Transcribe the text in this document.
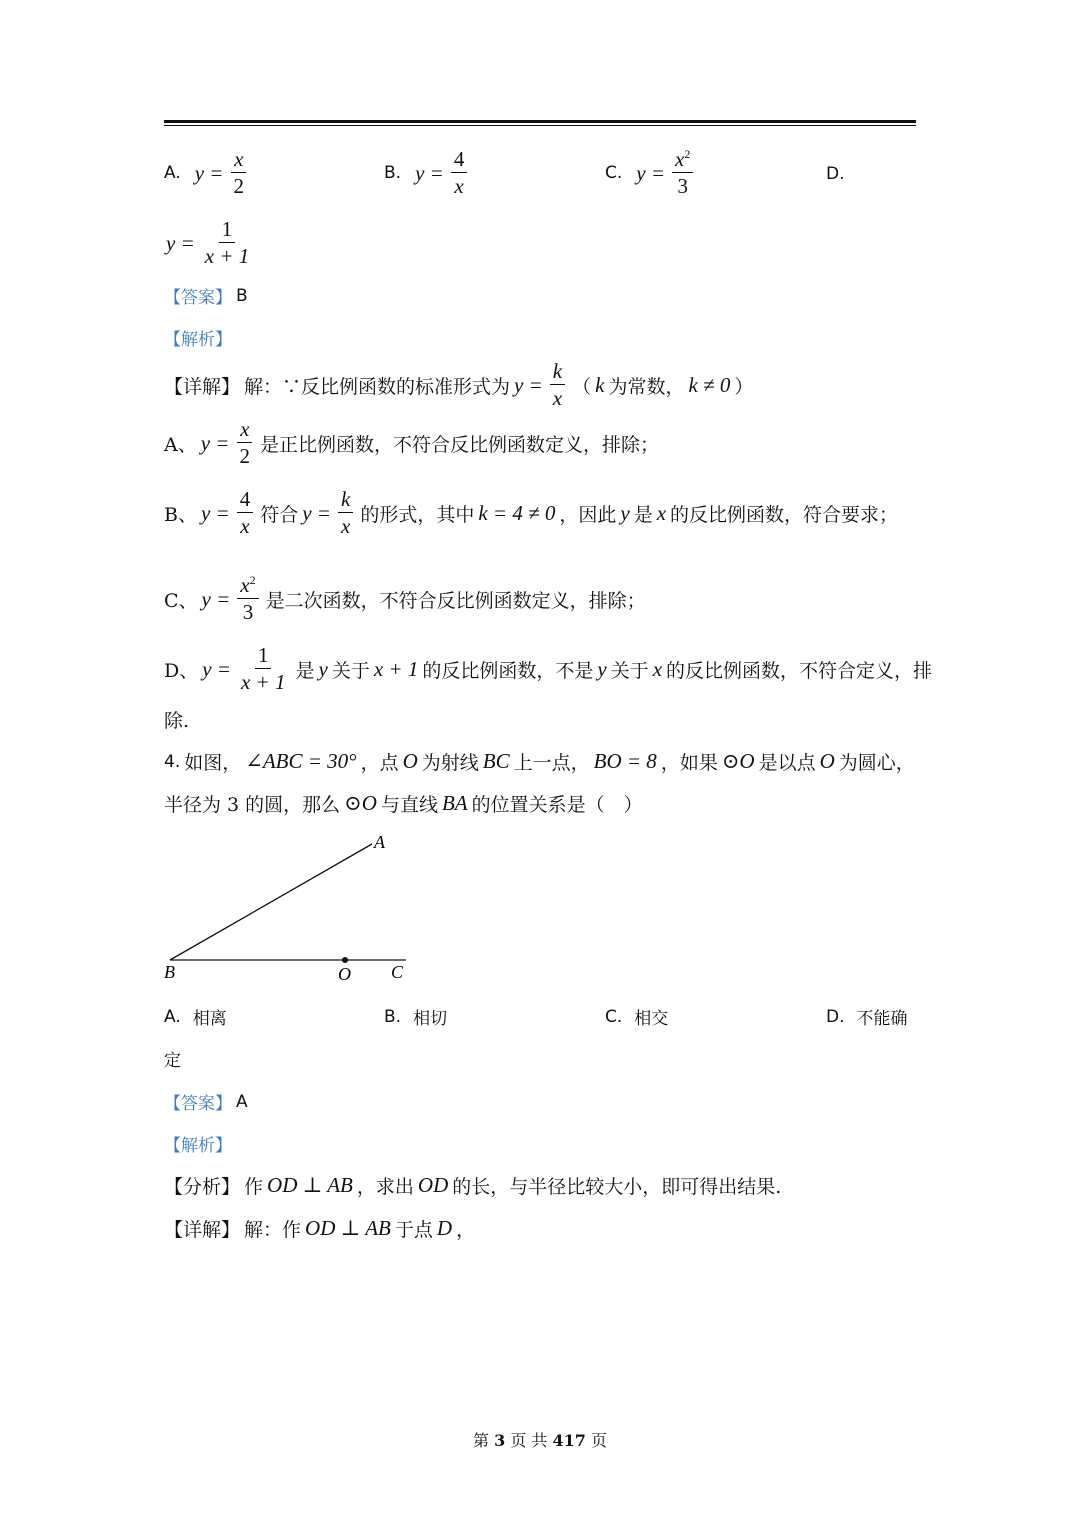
A. $y = \frac{x}{2}$	B. $y = \frac{4}{x}$	C. $y = \frac{x^2}{3}$	D.
$y = \frac{1}{x + 1}$
【答案】 B
【解析】
【详解】 解：∵反比例函数的标准形式为 $y = \frac{k}{x}$ （ k 为常数， k ≠ 0 ）
A、 $y = \frac{x}{2}$ 是正比例函数，不符合反比例函数定义，排除；
B、 $y = \frac{4}{x}$ 符合 $y = \frac{k}{x}$ 的形式，其中 k = 4 ≠ 0 ，因此 y 是 x 的反比例函数，符合要求；
C、 $y = \frac{x^2}{3}$ 是二次函数，不符合反比例函数定义，排除；
D、 $y = \frac{1}{x + 1}$ 是 y 关于 x + 1 的反比例函数，不是 y 关于 x 的反比例函数，不符合定义，排
除.
4. 如图， ∠ABC = 30° ，点 O 为射线 BC 上一点， BO = 8 ，如果 ⊙O 是以点 O 为圆心，
半径为 3 的圆，那么 ⊙O 与直线 BA 的位置关系是（　）
A
B	O C
A. 相离	B. 相切	C. 相交	D. 不能确
定
【答案】 A
【解析】
【分析】 作 OD ⊥ AB ，求出 OD 的长，与半径比较大小，即可得出结果.
【详解】 解：作 OD ⊥ AB 于点 D ，
第 3 页 共 417 页
